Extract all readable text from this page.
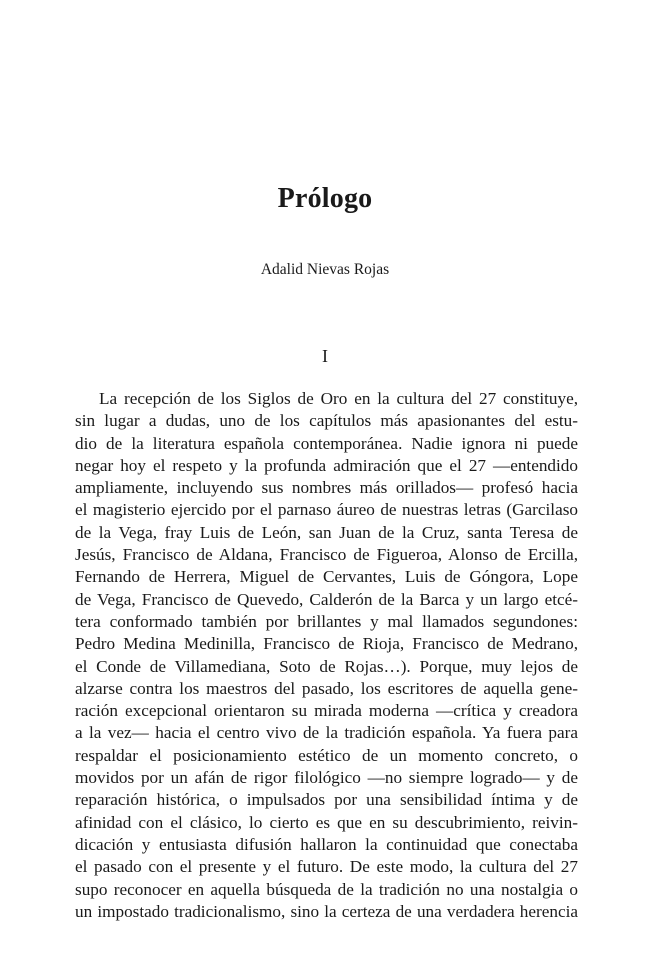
Prólogo
Adalid Nievas Rojas
I
La recepción de los Siglos de Oro en la cultura del 27 constituye,
sin lugar a dudas, uno de los capítulos más apasionantes del estu-
dio de la literatura española contemporánea. Nadie ignora ni puede
negar hoy el respeto y la profunda admiración que el 27 —entendido
ampliamente, incluyendo sus nombres más orillados— profesó hacia
el magisterio ejercido por el parnaso áureo de nuestras letras (Garcilaso
de la Vega, fray Luis de León, san Juan de la Cruz, santa Teresa de
Jesús, Francisco de Aldana, Francisco de Figueroa, Alonso de Ercilla,
Fernando de Herrera, Miguel de Cervantes, Luis de Góngora, Lope
de Vega, Francisco de Quevedo, Calderón de la Barca y un largo etcé-
tera conformado también por brillantes y mal llamados segundones:
Pedro Medina Medinilla, Francisco de Rioja, Francisco de Medrano,
el Conde de Villamediana, Soto de Rojas…). Porque, muy lejos de
alzarse contra los maestros del pasado, los escritores de aquella gene-
ración excepcional orientaron su mirada moderna —crítica y creadora
a la vez— hacia el centro vivo de la tradición española. Ya fuera para
respaldar el posicionamiento estético de un momento concreto, o
movidos por un afán de rigor filológico —no siempre logrado— y de
reparación histórica, o impulsados por una sensibilidad íntima y de
afinidad con el clásico, lo cierto es que en su descubrimiento, reivin-
dicación y entusiasta difusión hallaron la continuidad que conectaba
el pasado con el presente y el futuro. De este modo, la cultura del 27
supo reconocer en aquella búsqueda de la tradición no una nostalgia o
un impostado tradicionalismo, sino la certeza de una verdadera herencia
